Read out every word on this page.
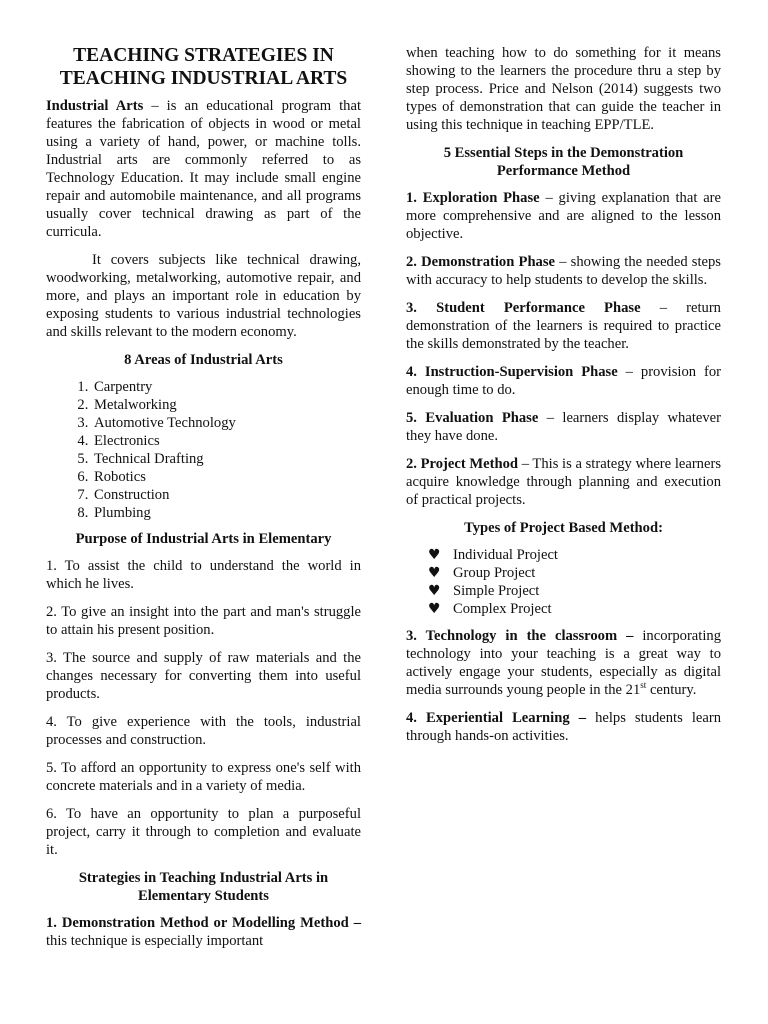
TEACHING STRATEGIES IN
TEACHING INDUSTRIAL ARTS

Industrial Arts – is an educational program that features the fabrication of objects in wood or metal using a variety of hand, power, or machine tolls. Industrial arts are commonly referred to as Technology Education. It may include small engine repair and automobile maintenance, and all programs usually cover technical drawing as part of the curricula.

It covers subjects like technical drawing, woodworking, metalworking, automotive repair, and more, and plays an important role in education by exposing students to various industrial technologies and skills relevant to the modern economy.

8 Areas of Industrial Arts
1. Carpentry
2. Metalworking
3. Automotive Technology
4. Electronics
5. Technical Drafting
6. Robotics
7. Construction
8. Plumbing
Purpose of Industrial Arts in Elementary

1. To assist the child to understand the world in which he lives.

2. To give an insight into the part and man's struggle to attain his present position.

3. The source and supply of raw materials and the changes necessary for converting them into useful products.

4. To give experience with the tools, industrial processes and construction.

5. To afford an opportunity to express one's self with concrete materials and in a variety of media.

6. To have an opportunity to plan a purposeful project, carry it through to completion and evaluate it.

Strategies in Teaching Industrial Arts in
Elementary Students

1. Demonstration Method or Modelling Method – this technique is especially important

when teaching how to do something for it means showing to the learners the procedure thru a step by step process. Price and Nelson (2014) suggests two types of demonstration that can guide the teacher in using this technique in teaching EPP/TLE.

5 Essential Steps in the Demonstration
Performance Method

1. Exploration Phase – giving explanation that are more comprehensive and are aligned to the lesson objective.

2. Demonstration Phase – showing the needed steps with accuracy to help students to develop the skills.

3. Student Performance Phase – return demonstration of the learners is required to practice the skills demonstrated by the teacher.

4. Instruction-Supervision Phase – provision for enough time to do.

5. Evaluation Phase – learners display whatever they have done.

2. Project Method – This is a strategy where learners acquire knowledge through planning and execution of practical projects.

Types of Project Based Method:
♥ Individual Project
♥ Group Project
♥ Simple Project
♥ Complex Project

3. Technology in the classroom – incorporating technology into your teaching is a great way to actively engage your students, especially as digital media surrounds young people in the 21st century.

4. Experiential Learning – helps students learn through hands-on activities.
